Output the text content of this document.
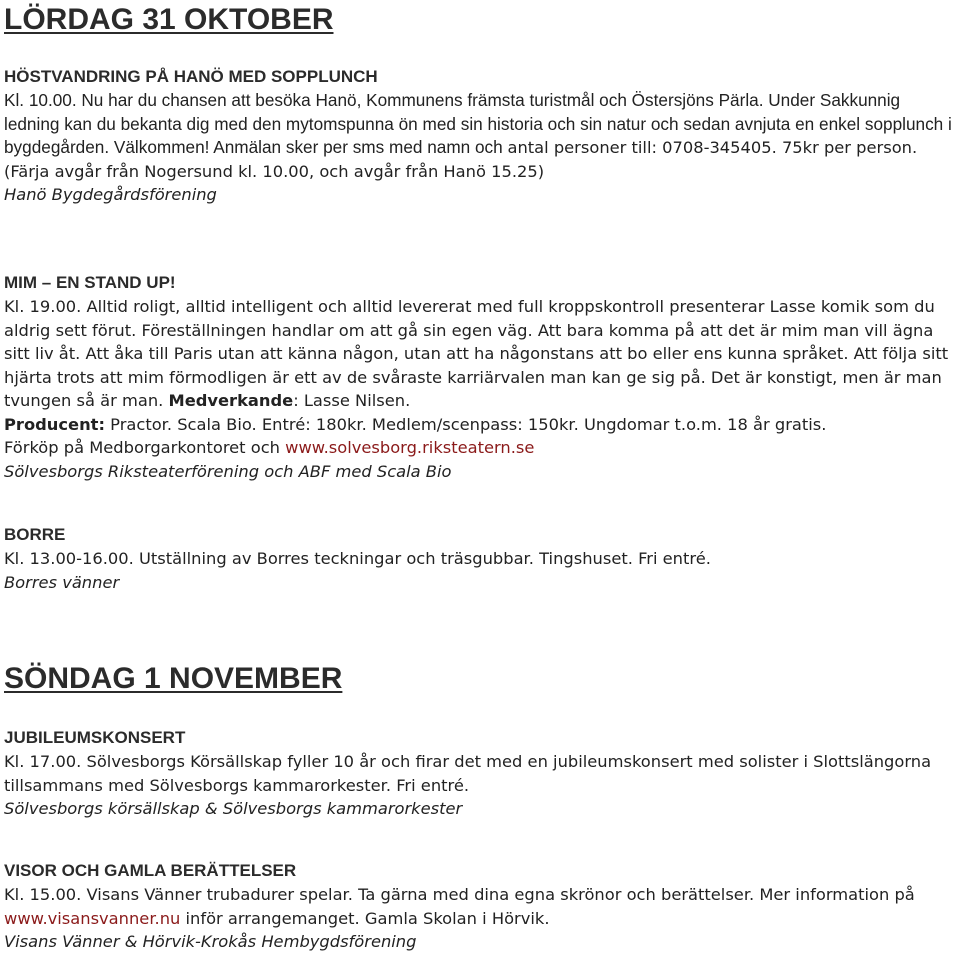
LÖRDAG 31 OKTOBER
HÖSTVANDRING PÅ HANÖ MED SOPPLUNCH

Kl. 10.00. Nu har du chansen att besöka Hanö, Kommunens främsta turistmål och Östersjöns Pärla. Under Sakkunnig ledning kan du bekanta dig med den mytomspunna ön med sin historia och sin natur och sedan avnjuta en enkel sopplunch i bygdegården. Välkommen! Anmälan sker per sms med namn och antal personer till: 0708-345405. 75kr per person. (Färja avgår från Nogersund kl. 10.00, och avgår från Hanö 15.25)

Hanö Bygdegårdsförening

MIM – EN STAND UP!

Kl. 19.00. Alltid roligt, alltid intelligent och alltid levererat med full kroppskontroll presenterar Lasse komik som du aldrig sett förut. Föreställningen handlar om att gå sin egen väg. Att bara komma på att det är mim man vill ägna sitt liv åt. Att åka till Paris utan att känna någon, utan att ha någonstans att bo eller ens kunna språket. Att följa sitt hjärta trots att mim förmodligen är ett av de svåraste karriärvalen man kan ge sig på. Det är konstigt, men är man tvungen så är man. Medverkande: Lasse Nilsen.
Producent: Practor. Scala Bio. Entré: 180kr. Medlem/scenpass: 150kr. Ungdomar t.o.m. 18 år gratis.
Förköp på Medborgarkontoret och www.solvesborg.riksteatern.se

Sölvesborgs Riksteaterförening och ABF med Scala Bio

BORRE

Kl. 13.00-16.00. Utställning av Borres teckningar och träsgubbar. Tingshuset. Fri entré.

Borres vänner

SÖNDAG 1 NOVEMBER
JUBILEUMSKONSERT

Kl. 17.00. Sölvesborgs Körsällskap fyller 10 år och firar det med en jubileumskonsert med solister i Slottslängorna tillsammans med Sölvesborgs kammarorkester. Fri entré.

Sölvesborgs körsällskap & Sölvesborgs kammarorkester

VISOR OCH GAMLA BERÄTTELSER

Kl. 15.00. Visans Vänner trubadurer spelar. Ta gärna med dina egna skrönor och berättelser. Mer information på www.visansvanner.nu inför arrangemanget. Gamla Skolan i Hörvik.

Visans Vänner & Hörvik-Krokås Hembygdsförening
